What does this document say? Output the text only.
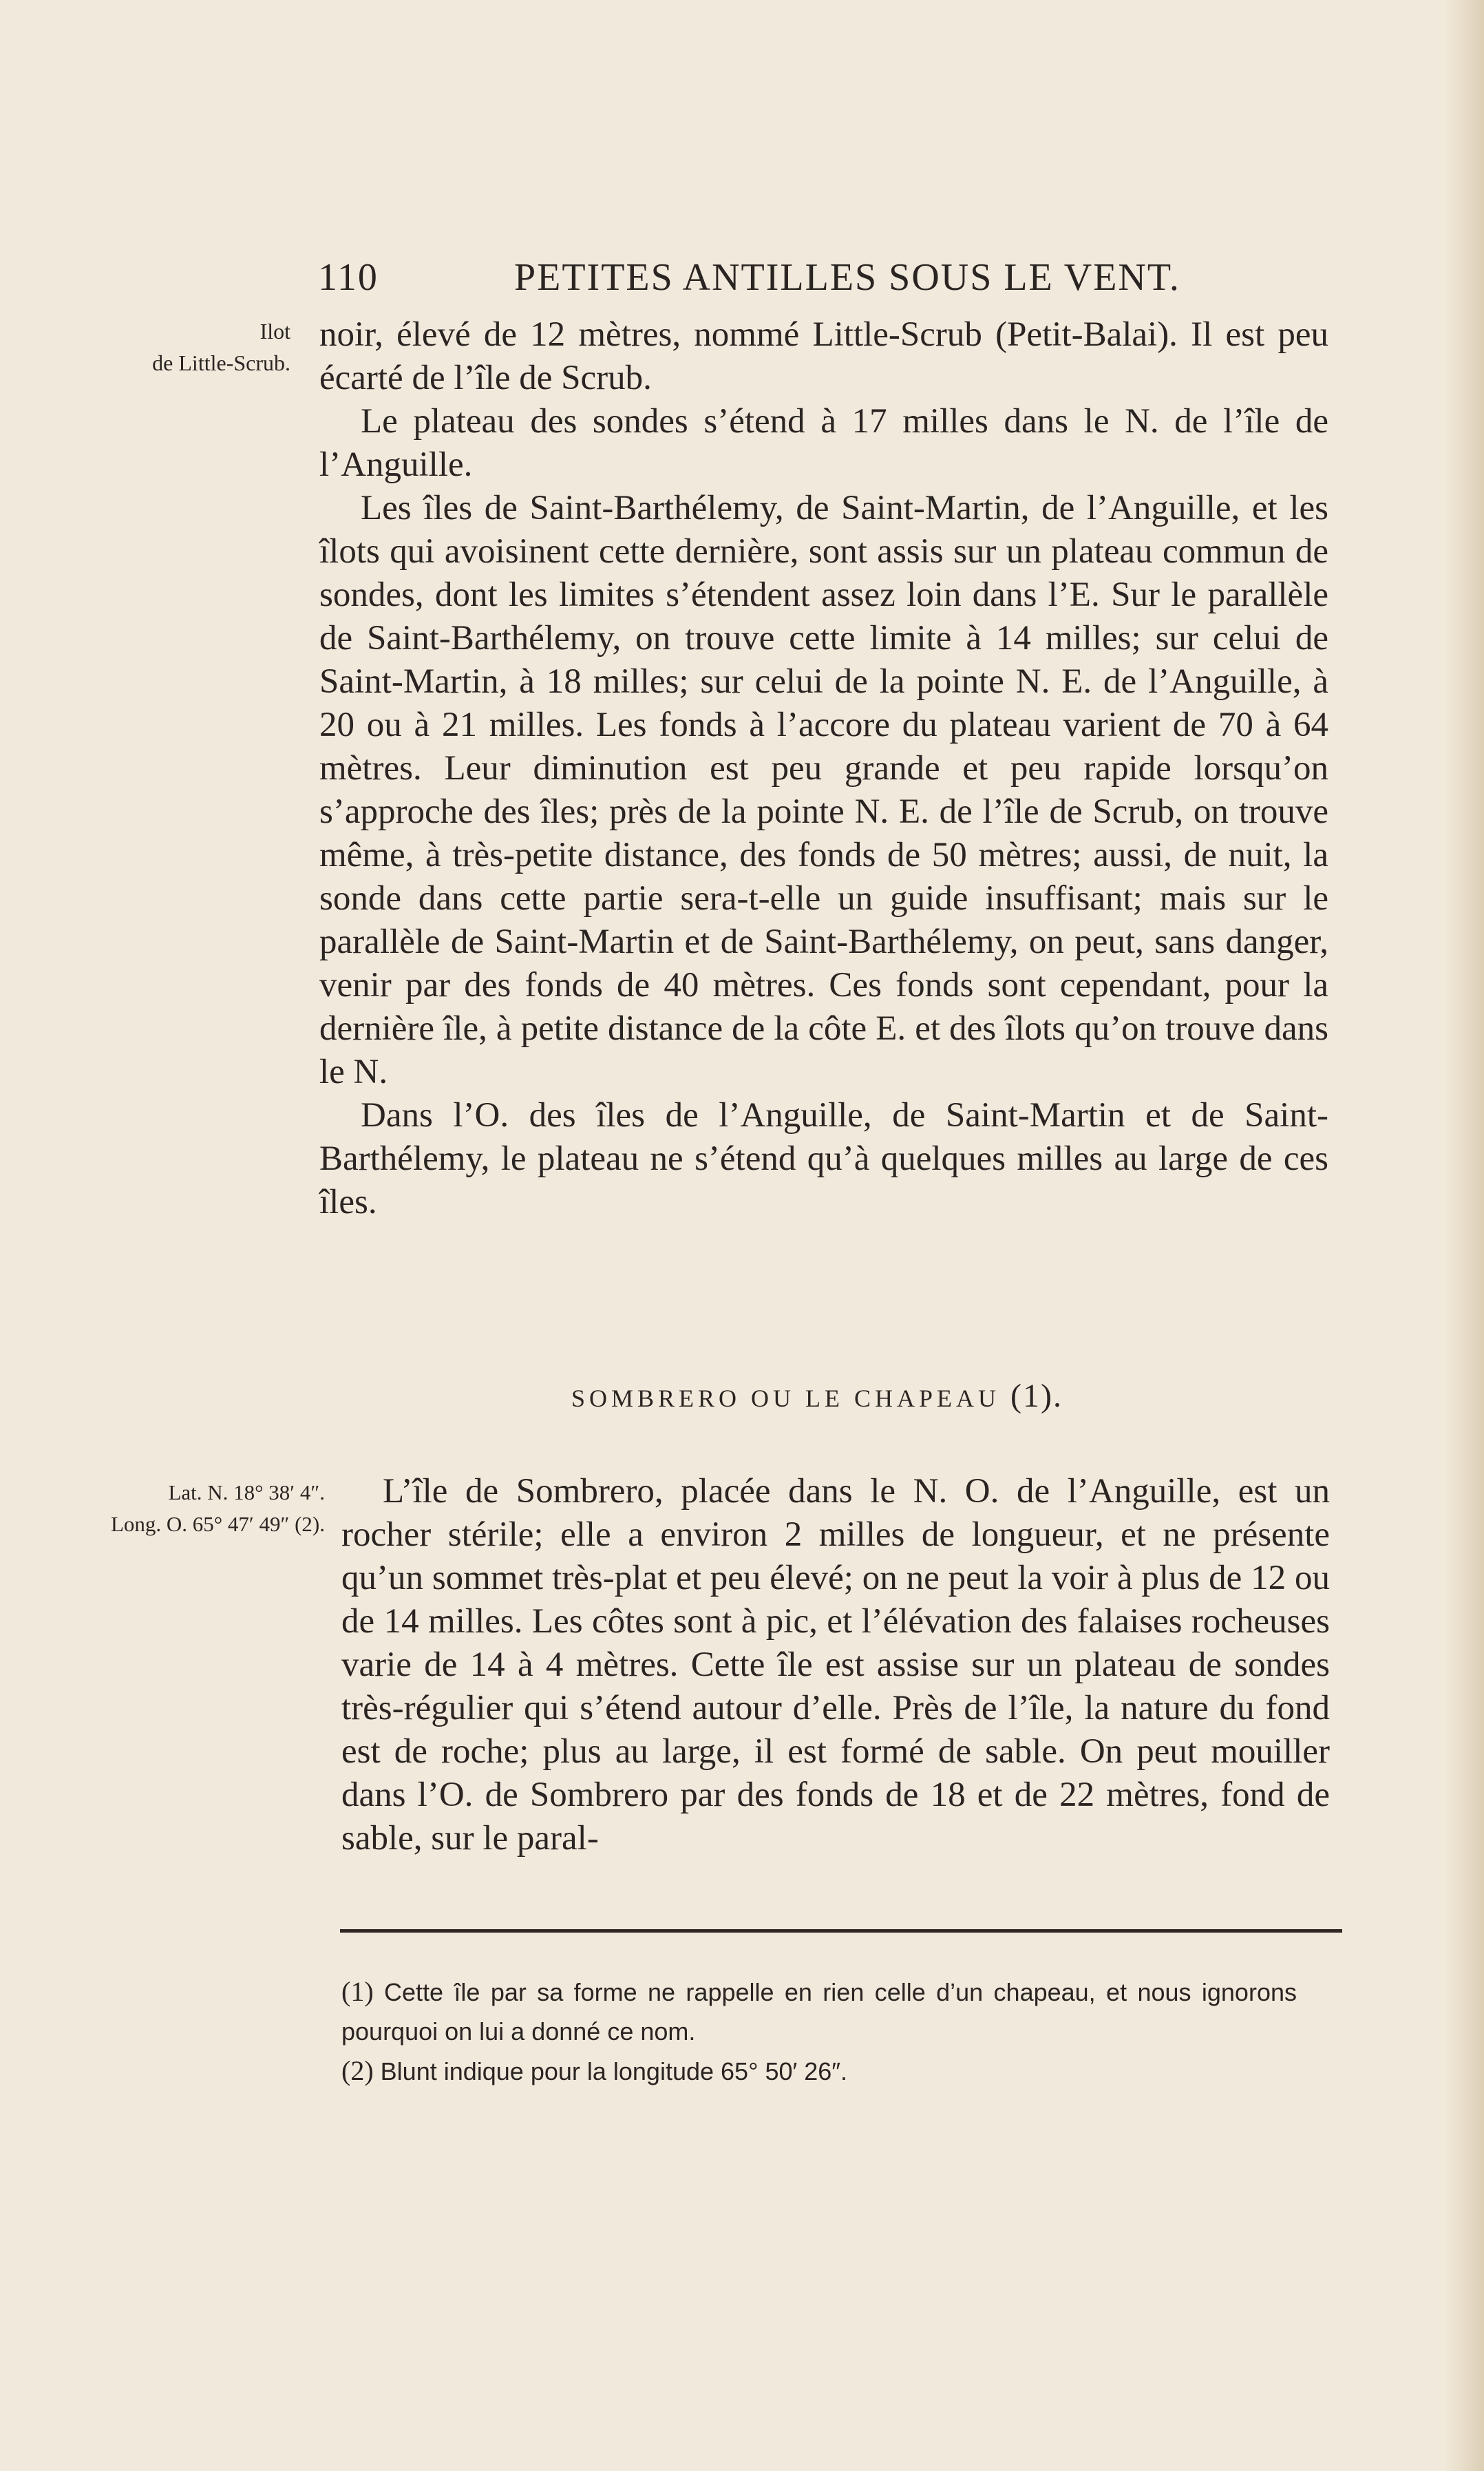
110	PETITES ANTILLES SOUS LE VENT.
Ilot
de Little-Scrub.

noir, élevé de 12 mètres, nommé Little-Scrub (Petit-Balai). Il est peu écarté de l’île de Scrub.

Le plateau des sondes s’étend à 17 milles dans le N. de l’île de l’Anguille.

Les îles de Saint-Barthélemy, de Saint-Martin, de l’Anguille, et les îlots qui avoisinent cette dernière, sont assis sur un plateau commun de sondes, dont les limites s’étendent assez loin dans l’E. Sur le parallèle de Saint-Barthélemy, on trouve cette limite à 14 milles; sur celui de Saint-Martin, à 18 milles; sur celui de la pointe N. E. de l’Anguille, à 20 ou à 21 milles. Les fonds à l’accore du plateau varient de 70 à 64 mètres. Leur diminution est peu grande et peu rapide lorsqu’on s’approche des îles; près de la pointe N. E. de l’île de Scrub, on trouve même, à très-petite distance, des fonds de 50 mètres; aussi, de nuit, la sonde dans cette partie sera-t-elle un guide insuffisant; mais sur le parallèle de Saint-Martin et de Saint-Barthélemy, on peut, sans danger, venir par des fonds de 40 mètres. Ces fonds sont cependant, pour la dernière île, à petite distance de la côte E. et des îlots qu’on trouve dans le N.

Dans l’O. des îles de l’Anguille, de Saint-Martin et de Saint-Barthélemy, le plateau ne s’étend qu’à quelques milles au large de ces îles.

SOMBRERO OU LE CHAPEAU (1).
Lat. N. 18° 38′ 4″.
Long. O. 65° 47′ 49″ (2).

L’île de Sombrero, placée dans le N. O. de l’Anguille, est un rocher stérile; elle a environ 2 milles de longueur, et ne présente qu’un sommet très-plat et peu élevé; on ne peut la voir à plus de 12 ou de 14 milles. Les côtes sont à pic, et l’élévation des falaises rocheuses varie de 14 à 4 mètres. Cette île est assise sur un plateau de sondes très-régulier qui s’étend autour d’elle. Près de l’île, la nature du fond est de roche; plus au large, il est formé de sable. On peut mouiller dans l’O. de Sombrero par des fonds de 18 et de 22 mètres, fond de sable, sur le paral-

(1) Cette île par sa forme ne rappelle en rien celle d’un chapeau, et nous ignorons pourquoi on lui a donné ce nom.

(2) Blunt indique pour la longitude 65° 50′ 26″.
